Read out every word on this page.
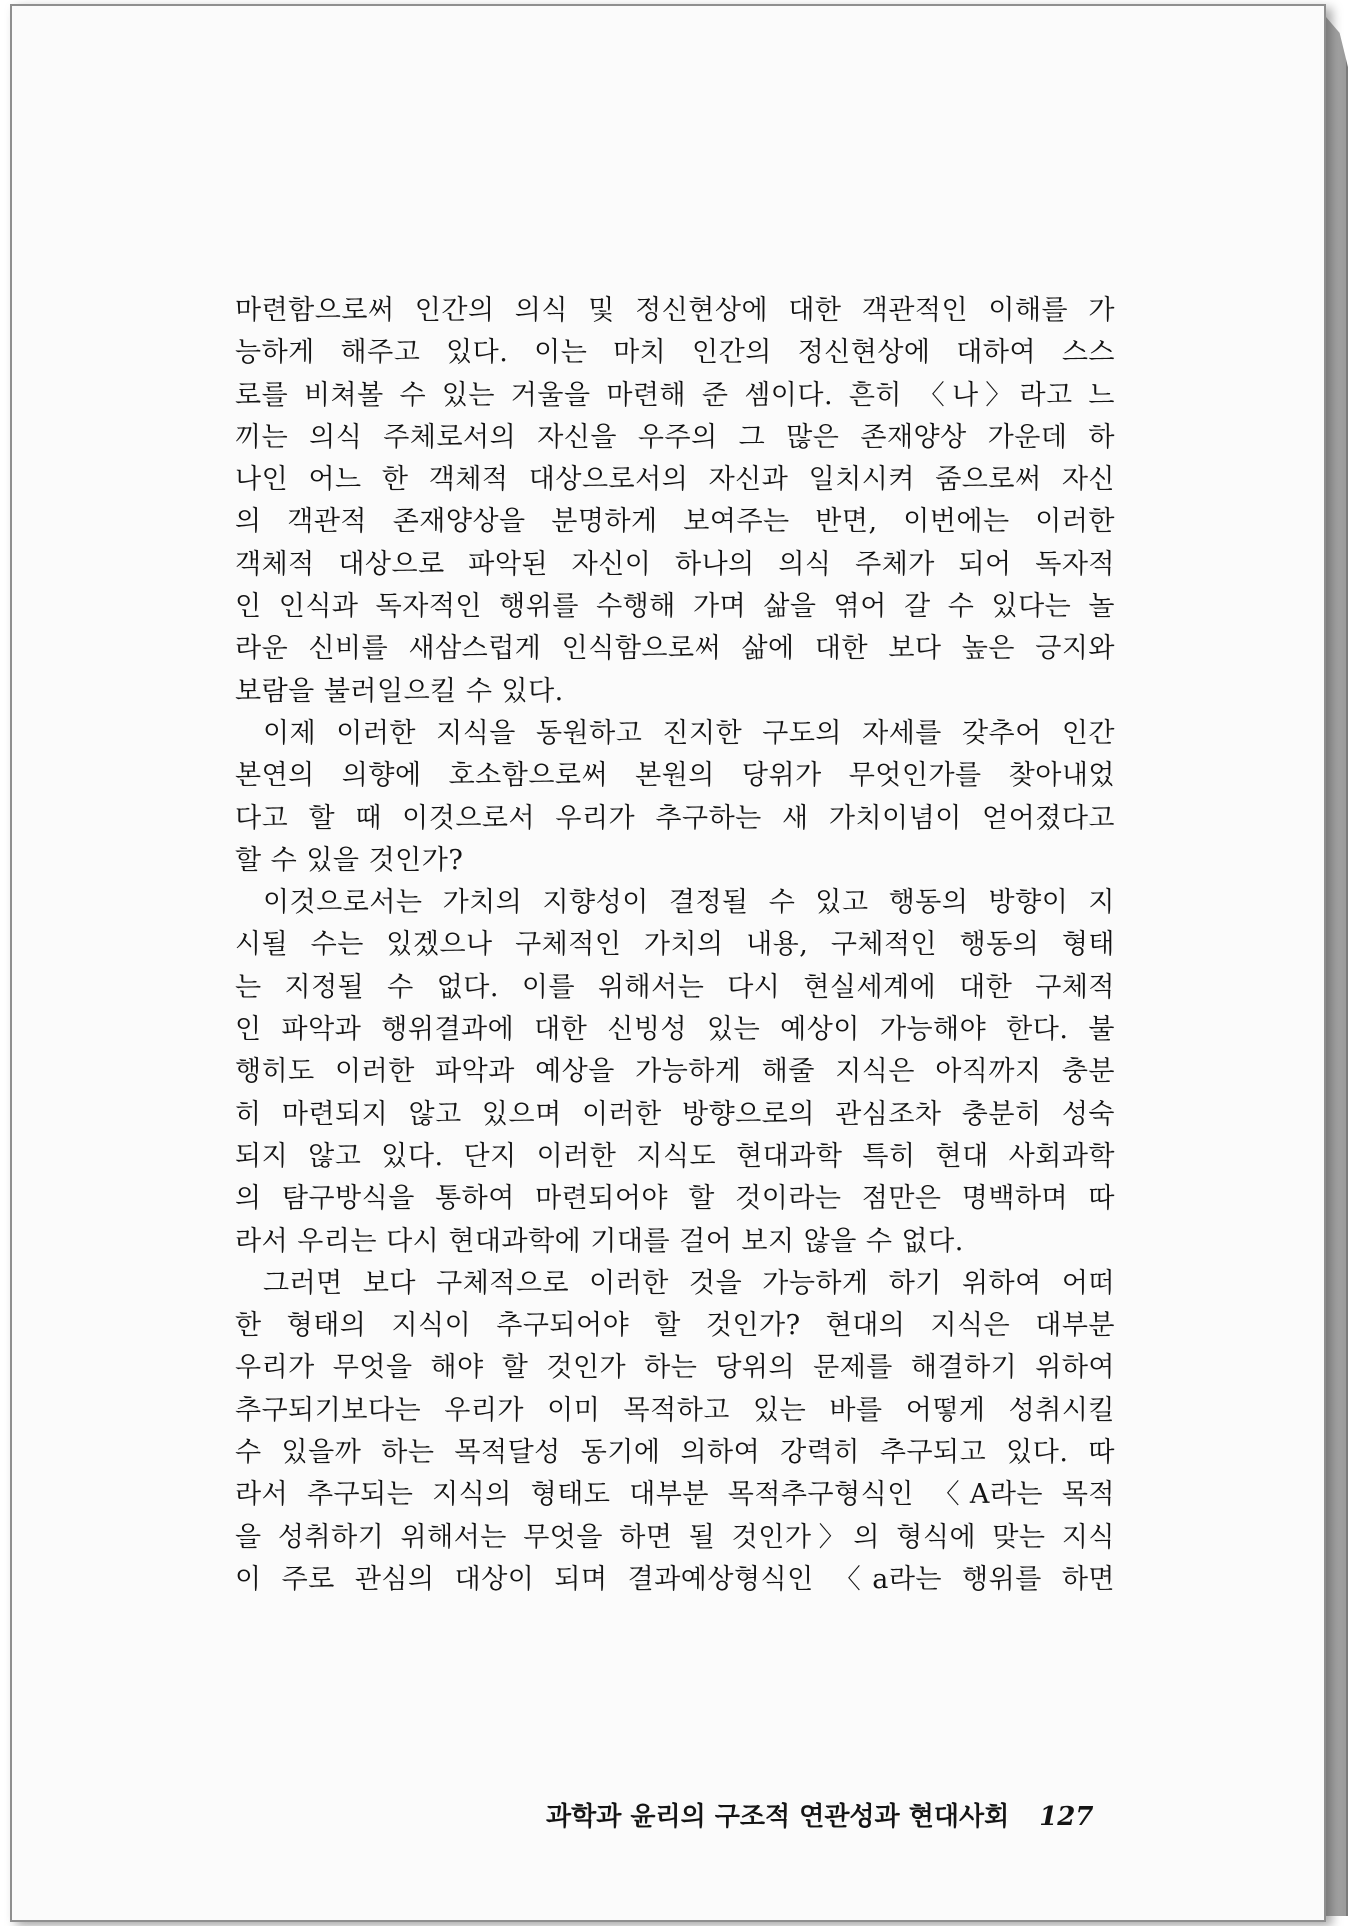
마련함으로써 인간의 의식 및 정신현상에 대한 객관적인 이해를 가
능하게 해주고 있다. 이는 마치 인간의 정신현상에 대하여 스스
로를 비쳐볼 수 있는 거울을 마련해 준 셈이다. 흔히 〈나〉라고 느
끼는 의식 주체로서의 자신을 우주의 그 많은 존재양상 가운데 하
나인 어느 한 객체적 대상으로서의 자신과 일치시켜 줌으로써 자신
의 객관적 존재양상을 분명하게 보여주는 반면, 이번에는 이러한
객체적 대상으로 파악된 자신이 하나의 의식 주체가 되어 독자적
인 인식과 독자적인 행위를 수행해 가며 삶을 엮어 갈 수 있다는 놀
라운 신비를 새삼스럽게 인식함으로써 삶에 대한 보다 높은 긍지와
보람을 불러일으킬 수 있다.
이제 이러한 지식을 동원하고 진지한 구도의 자세를 갖추어 인간
본연의 의향에 호소함으로써 본원의 당위가 무엇인가를 찾아내었
다고 할 때 이것으로서 우리가 추구하는 새 가치이념이 얻어졌다고
할 수 있을 것인가?
이것으로서는 가치의 지향성이 결정될 수 있고 행동의 방향이 지
시될 수는 있겠으나 구체적인 가치의 내용, 구체적인 행동의 형태
는 지정될 수 없다. 이를 위해서는 다시 현실세계에 대한 구체적
인 파악과 행위결과에 대한 신빙성 있는 예상이 가능해야 한다. 불
행히도 이러한 파악과 예상을 가능하게 해줄 지식은 아직까지 충분
히 마련되지 않고 있으며 이러한 방향으로의 관심조차 충분히 성숙
되지 않고 있다. 단지 이러한 지식도 현대과학 특히 현대 사회과학
의 탐구방식을 통하여 마련되어야 할 것이라는 점만은 명백하며 따
라서 우리는 다시 현대과학에 기대를 걸어 보지 않을 수 없다.
그러면 보다 구체적으로 이러한 것을 가능하게 하기 위하여 어떠
한 형태의 지식이 추구되어야 할 것인가? 현대의 지식은 대부분
우리가 무엇을 해야 할 것인가 하는 당위의 문제를 해결하기 위하여
추구되기보다는 우리가 이미 목적하고 있는 바를 어떻게 성취시킬
수 있을까 하는 목적달성 동기에 의하여 강력히 추구되고 있다. 따
라서 추구되는 지식의 형태도 대부분 목적추구형식인 〈A라는 목적
을 성취하기 위해서는 무엇을 하면 될 것인가〉의 형식에 맞는 지식
이 주로 관심의 대상이 되며 결과예상형식인 〈a라는 행위를 하면
과학과 윤리의 구조적 연관성과 현대사회 127
